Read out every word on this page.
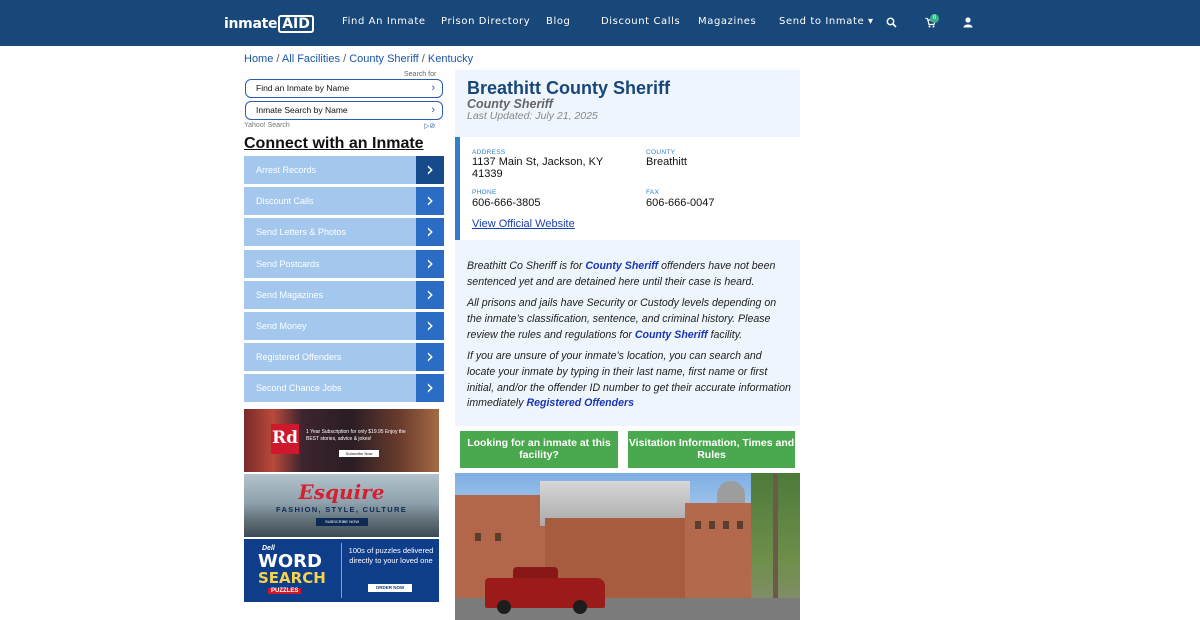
inmate AID	Find An Inmate Prison Directory Blog	Discount Calls Magazines Send to Inmate ▾	0
Home / All Facilities / County Sheriff / Kentucky
Search for
Find an Inmate by Name	›
Inmate Search by Name	›
Yahoo! Search	▷⊘
Connect with an Inmate
Arrest Records	›
Discount Calls	›
Send Letters & Photos	›
Send Postcards	›
Send Magazines	›
Send Money	›
Registered Offenders	›
Second Chance Jobs	›
Rd 1 Year Subscription for only $19.95 Enjoy the BEST stories, advice & jokes!
Subscribe Now
Esquire
FASHION, STYLE, CULTURE
SUBSCRIBE NOW
Dell
WORD
SEARCH
PUZZLES
100s of puzzles delivered directly to your loved one
ORDER NOW
Breathitt County Sheriff
County Sheriff
Last Updated: July 21, 2025
ADDRESS
1137 Main St, Jackson, KY 41339
COUNTY
Breathitt
PHONE
606-666-3805
FAX
606-666-0047
View Official Website

Breathitt Co Sheriff is for County Sheriff offenders have not been sentenced yet and are detained here until their case is heard.

All prisons and jails have Security or Custody levels depending on the inmate’s classification, sentence, and criminal history. Please review the rules and regulations for County Sheriff facility.

If you are unsure of your inmate's location, you can search and locate your inmate by typing in their last name, first name or first initial, and/or the offender ID number to get their accurate information immediately Registered Offenders

Looking for an inmate at this facility?
Visitation Information, Times and Rules
